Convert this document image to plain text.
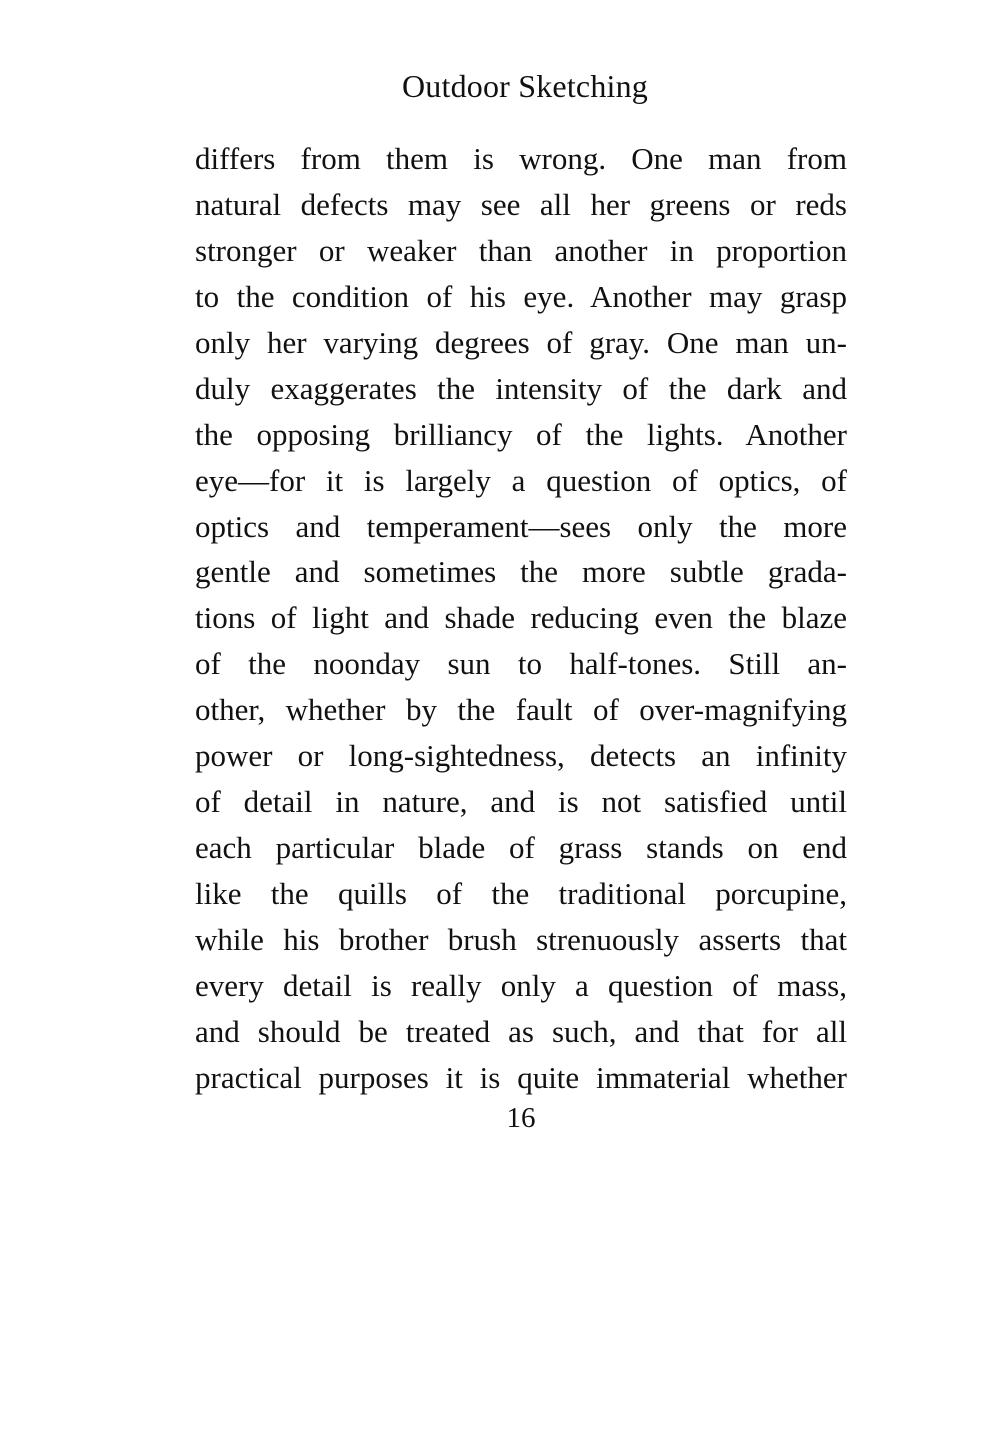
Outdoor Sketching
differs from them is wrong. One man from
natural defects may see all her greens or reds
stronger or weaker than another in proportion
to the condition of his eye. Another may grasp
only her varying degrees of gray. One man un-
duly exaggerates the intensity of the dark and
the opposing brilliancy of the lights. Another
eye—for it is largely a question of optics, of
optics and temperament—sees only the more
gentle and sometimes the more subtle grada-
tions of light and shade reducing even the blaze
of the noonday sun to half-tones. Still an-
other, whether by the fault of over-magnifying
power or long-sightedness, detects an infinity
of detail in nature, and is not satisfied until
each particular blade of grass stands on end
like the quills of the traditional porcupine,
while his brother brush strenuously asserts that
every detail is really only a question of mass,
and should be treated as such, and that for all
practical purposes it is quite immaterial whether
16
